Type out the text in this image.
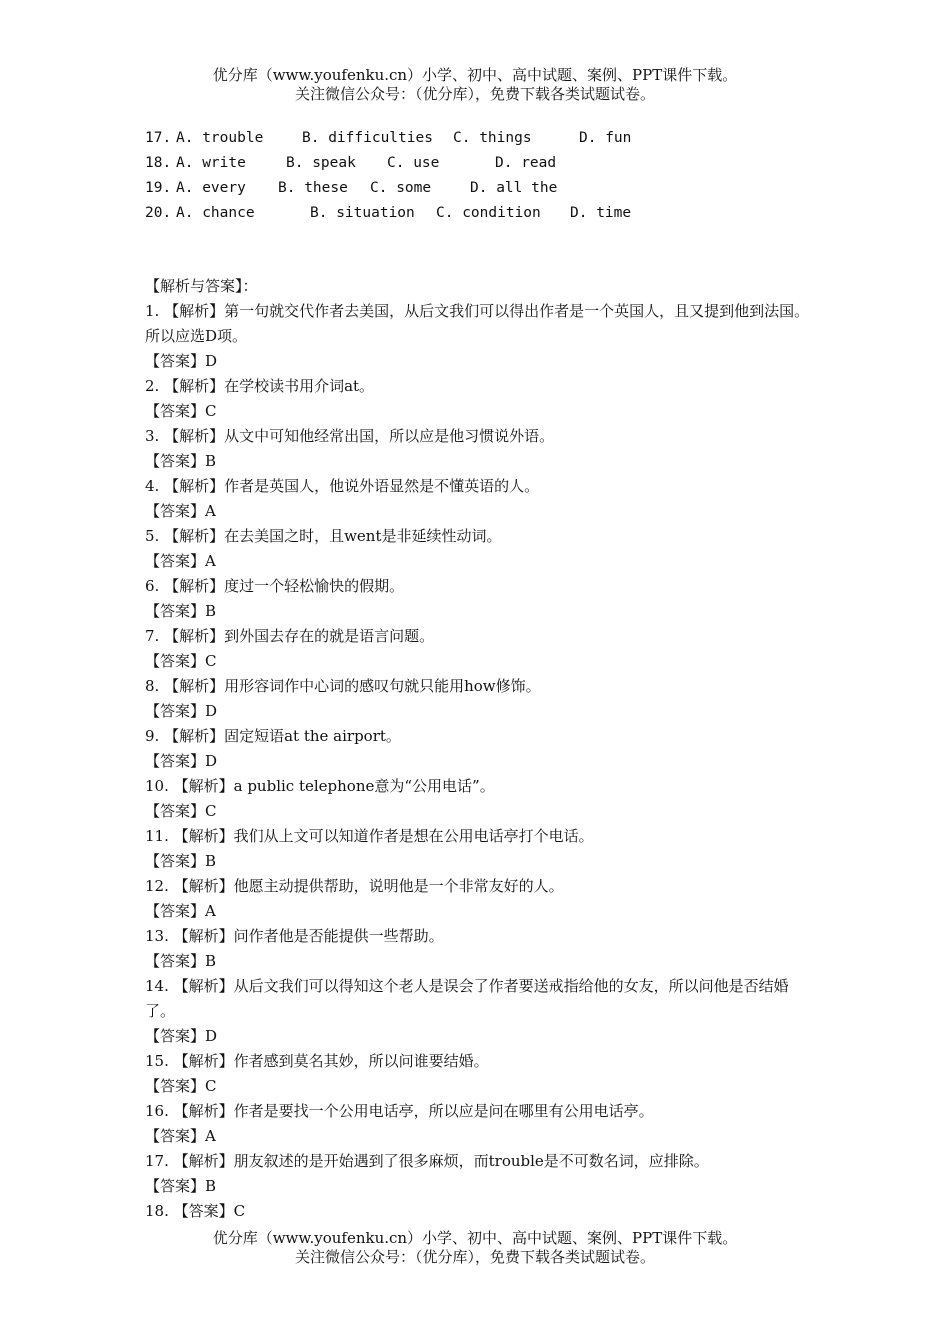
优分库（www.youfenku.cn）小学、初中、高中试题、案例、PPT课件下载。
关注微信公众号：（优分库），免费下载各类试题试卷。
17. A. trouble	B. difficulties C. things	D. fun
18. A. write	B. speak C. use	D. read
19. A. every B. these C. some	D. all the
20. A. chance	B. situation C. condition D. time
【解析与答案】：
1. 【解析】第一句就交代作者去美国，从后文我们可以得出作者是一个英国人，且又提到他到法国。所以应选D项。
【答案】D
2. 【解析】在学校读书用介词at。
【答案】C
3. 【解析】从文中可知他经常出国，所以应是他习惯说外语。
【答案】B
4. 【解析】作者是英国人，他说外语显然是不懂英语的人。
【答案】A
5. 【解析】在去美国之时，且went是非延续性动词。
【答案】A
6. 【解析】度过一个轻松愉快的假期。
【答案】B
7. 【解析】到外国去存在的就是语言问题。
【答案】C
8. 【解析】用形容词作中心词的感叹句就只能用how修饰。
【答案】D
9. 【解析】固定短语at the airport。
【答案】D
10. 【解析】a public telephone意为“公用电话”。
【答案】C
11. 【解析】我们从上文可以知道作者是想在公用电话亭打个电话。
【答案】B
12. 【解析】他愿主动提供帮助，说明他是一个非常友好的人。
【答案】A
13. 【解析】问作者他是否能提供一些帮助。
【答案】B
14. 【解析】从后文我们可以得知这个老人是误会了作者要送戒指给他的女友，所以问他是否结婚了。
【答案】D
15. 【解析】作者感到莫名其妙，所以问谁要结婚。
【答案】C
16. 【解析】作者是要找一个公用电话亭，所以应是问在哪里有公用电话亭。
【答案】A
17. 【解析】朋友叙述的是开始遇到了很多麻烦，而trouble是不可数名词，应排除。
【答案】B
18. 【答案】C
优分库（www.youfenku.cn）小学、初中、高中试题、案例、PPT课件下载。
关注微信公众号：（优分库），免费下载各类试题试卷。
